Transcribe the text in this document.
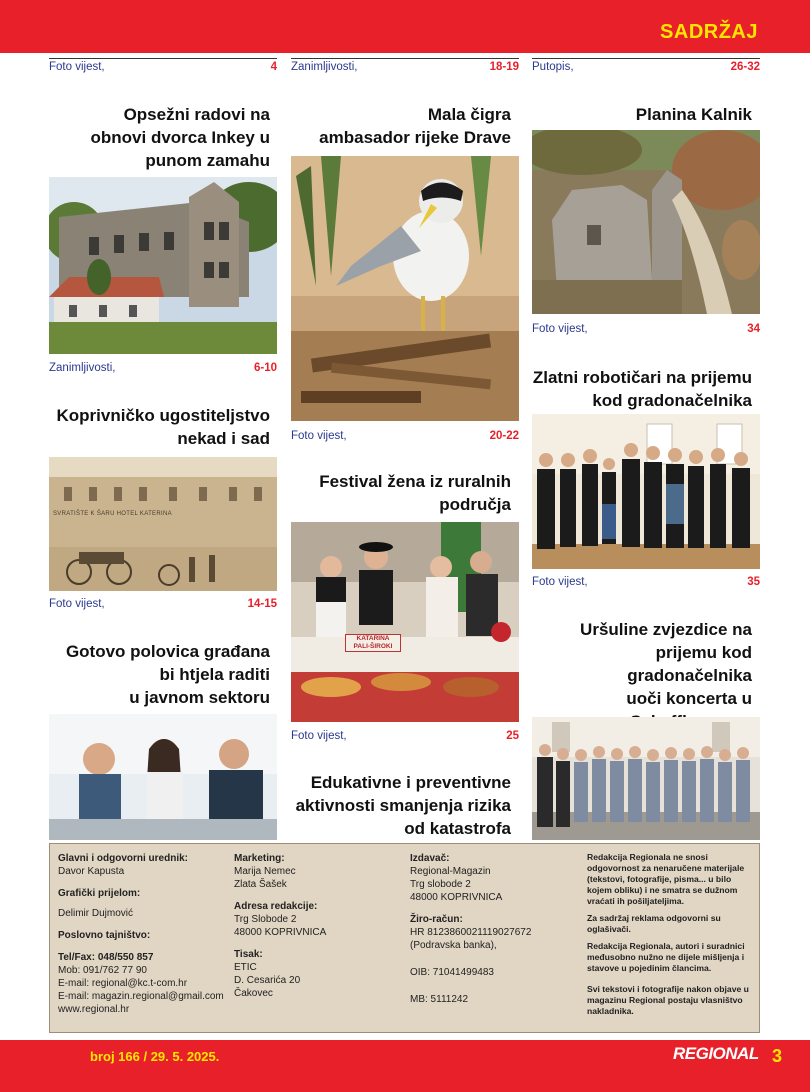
SADRŽAJ
Foto vijest,	4
Opsežni radovi na
obnovi dvorca Inkey u
punom zamahu
Zanimljivosti,	6-10
Koprivničko ugostiteljstvo
nekad i sad
SVRATIŠTE K ŠARU HOTEL KATERINA
Foto vijest,	14-15
Gotovo polovica građana
bi htjela raditi
u javnom sektoru
Zanimljivosti,	18-19
Mala čigra
ambasador rijeke Drave
Foto vijest,	20-22
Festival žena iz ruralnih
područja
KATARINA
PALI-ŠIROKI
Foto vijest,	25
Edukativne i preventivne
aktivnosti smanjenja rizika
od katastrofa
Putopis,	26-32
Planina Kalnik
Foto vijest,	34
Zlatni robotičari na prijemu
kod gradonačelnika
Foto vijest,	35
Uršuline zvjezdice na
prijemu kod gradonačelnika
uoči koncerta u
Glavni i odgovorni urednik:
Davor Kapusta
Grafički prijelom:
Delimir Dujmović
Poslovno tajništvo:
Tel/Fax: 048/550 857
Mob: 091/762 77 90
E-mail: regional@kc.t-com.hr
E-mail: magazin.regional@gmail.com
www.regional.hr
Marketing:
Marija Nemec
Zlata Šašek
Adresa redakcije:
Trg Slobode 2
48000 KOPRIVNICA
Tisak:
ETIC
D. Cesarića 20
Čakovec
Izdavač:
Regional-Magazin
Trg slobode 2
48000 KOPRIVNICA
Žiro-račun:
HR 8123860021119027672
(Podravska banka),
OIB: 71041499483
MB: 5111242

Redakcija Regionala ne snosi odgovornost za nenaručene materijale (tekstovi, fotografije, pisma... u bilo kojem obliku) i ne smatra se dužnom vraćati ih pošiljateljima.

Za sadržaj reklama odgovorni su oglašivači.

Redakcija Regionala, autori i suradnici međusobno nužno ne dijele mišljenja i stavove u pojedinim člancima.

Svi tekstovi i fotografije nakon objave u magazinu Regional postaju vlasništvo nakladnika.

broj 166 / 29. 5. 2025.	REGIONAL 3
